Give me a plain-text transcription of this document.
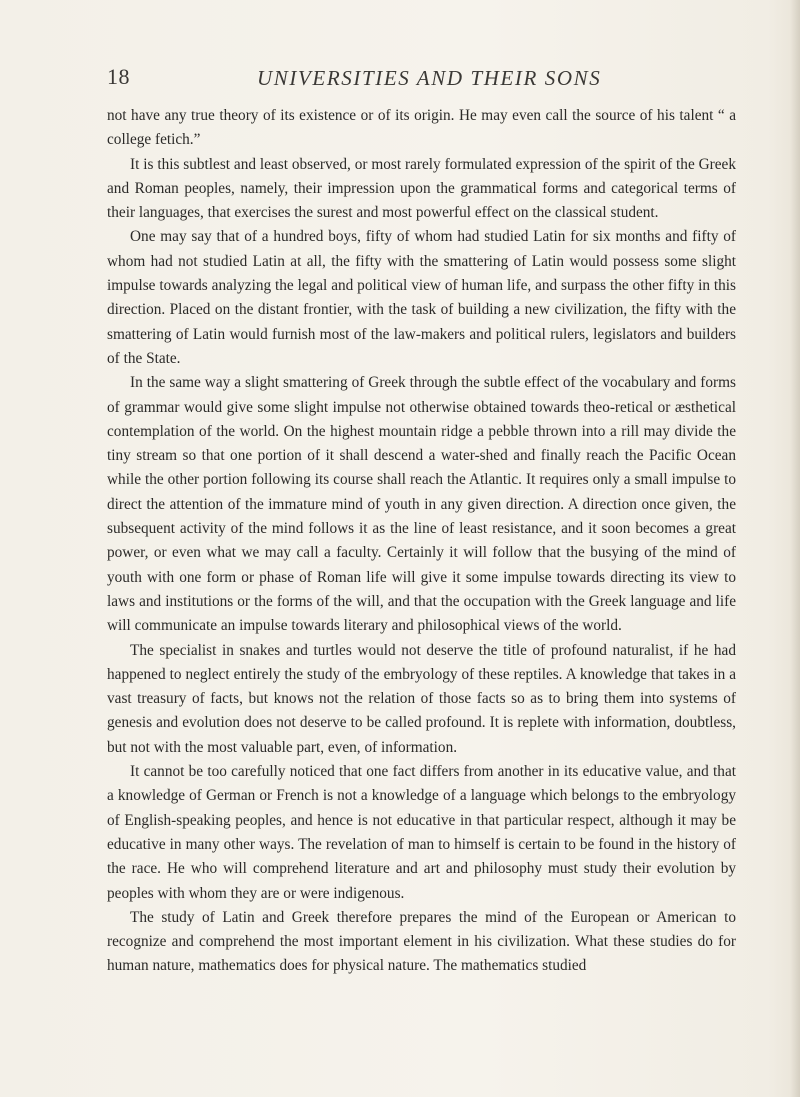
18	UNIVERSITIES AND THEIR SONS

not have any true theory of its existence or of its origin. He may even call the source of his talent “ a college fetich.”

It is this subtlest and least observed, or most rarely formulated expression of the spirit of the Greek and Roman peoples, namely, their impression upon the grammatical forms and categorical terms of their languages, that exercises the surest and most powerful effect on the classical student.

One may say that of a hundred boys, fifty of whom had studied Latin for six months and fifty of whom had not studied Latin at all, the fifty with the smattering of Latin would possess some slight impulse towards analyzing the legal and political view of human life, and surpass the other fifty in this direction. Placed on the distant frontier, with the task of building a new civilization, the fifty with the smattering of Latin would furnish most of the law-makers and political rulers, legislators and builders of the State.

In the same way a slight smattering of Greek through the subtle effect of the vocabulary and forms of grammar would give some slight impulse not otherwise obtained towards theo-retical or æsthetical contemplation of the world. On the highest mountain ridge a pebble thrown into a rill may divide the tiny stream so that one portion of it shall descend a water-shed and finally reach the Pacific Ocean while the other portion following its course shall reach the Atlantic. It requires only a small impulse to direct the attention of the immature mind of youth in any given direction. A direction once given, the subsequent activity of the mind follows it as the line of least resistance, and it soon becomes a great power, or even what we may call a faculty. Certainly it will follow that the busying of the mind of youth with one form or phase of Roman life will give it some impulse towards directing its view to laws and institutions or the forms of the will, and that the occupation with the Greek language and life will communicate an impulse towards literary and philosophical views of the world.

The specialist in snakes and turtles would not deserve the title of profound naturalist, if he had happened to neglect entirely the study of the embryology of these reptiles. A knowledge that takes in a vast treasury of facts, but knows not the relation of those facts so as to bring them into systems of genesis and evolution does not deserve to be called profound. It is replete with information, doubtless, but not with the most valuable part, even, of information.

It cannot be too carefully noticed that one fact differs from another in its educative value, and that a knowledge of German or French is not a knowledge of a language which belongs to the embryology of English-speaking peoples, and hence is not educative in that particular respect, although it may be educative in many other ways. The revelation of man to himself is certain to be found in the history of the race. He who will comprehend literature and art and philosophy must study their evolution by peoples with whom they are or were indigenous.

The study of Latin and Greek therefore prepares the mind of the European or American to recognize and comprehend the most important element in his civilization. What these studies do for human nature, mathematics does for physical nature. The mathematics studied
